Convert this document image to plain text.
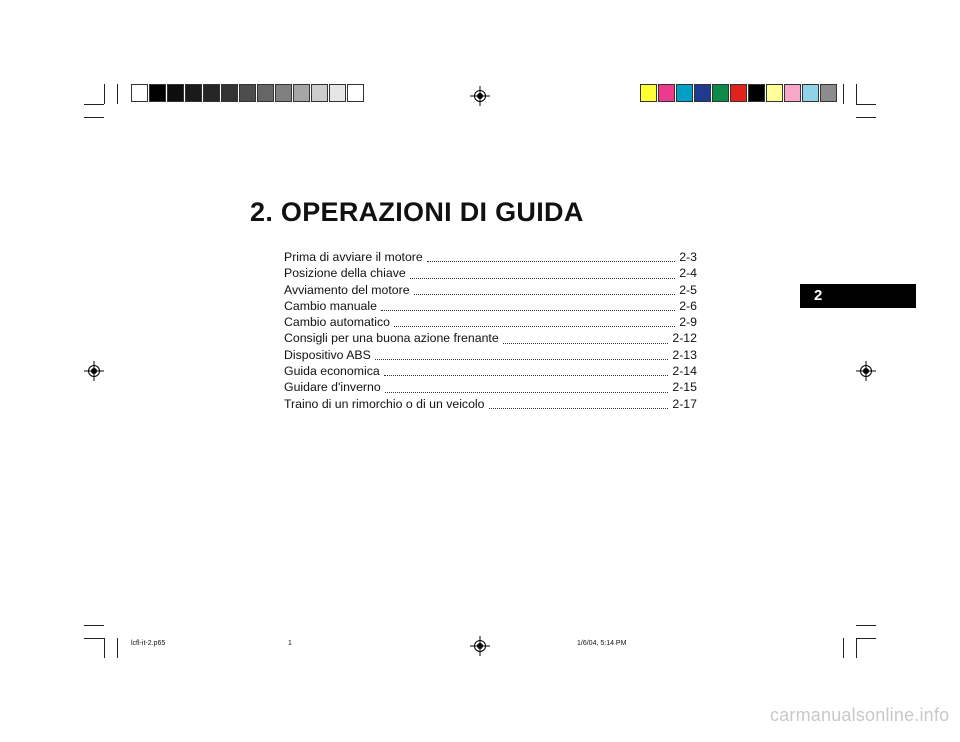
2. OPERAZIONI DI GUIDA
Prima di avviare il motore	2-3
Posizione della chiave	2-4
Avviamento del motore	2-5
Cambio manuale	2-6
Cambio automatico	2-9
Consigli per una buona azione frenante	2-12
Dispositivo ABS	2-13
Guida economica	2-14
Guidare d'inverno	2-15
Traino di un rimorchio o di un veicolo	2-17
2
lcfl-it-2.p65	1	1/6/04, 5:14 PM
carmanualsonline.info
